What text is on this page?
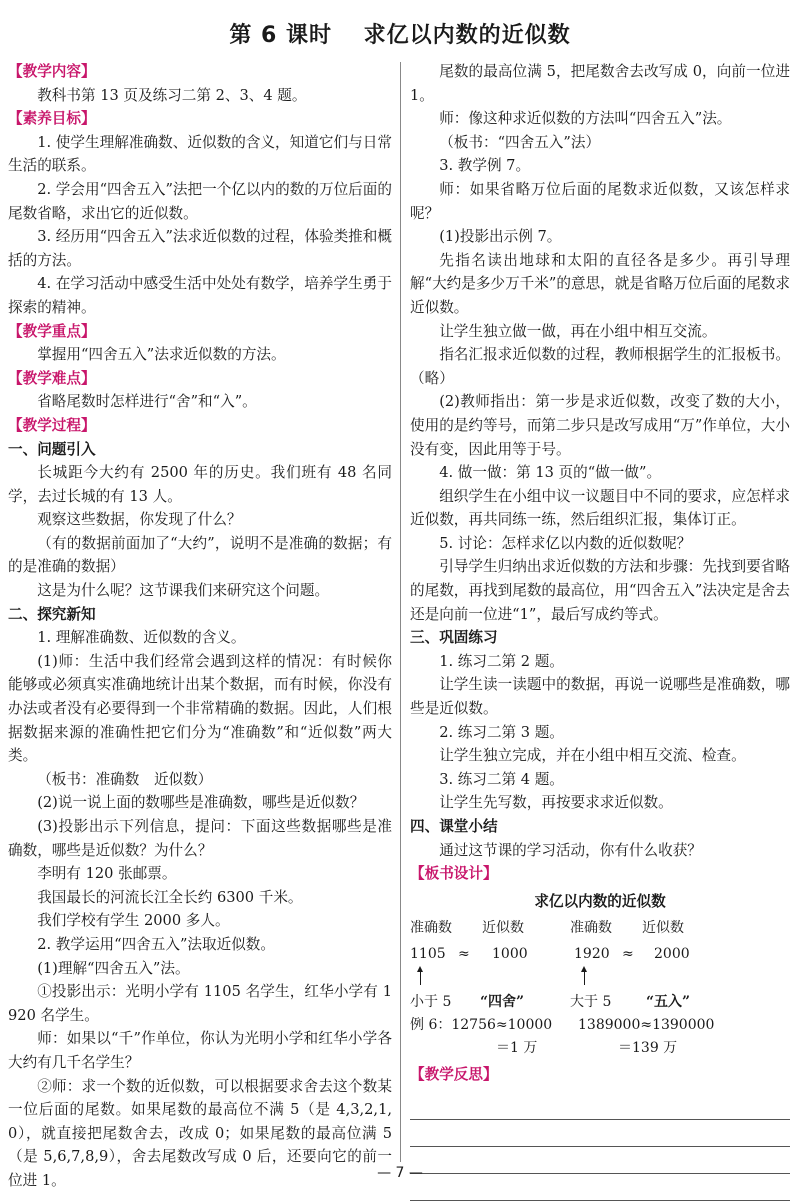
第 6 课时　 求亿以内数的近似数

【教学内容】

教科书第 13 页及练习二第 2、3、4 题。

【素养目标】

1. 使学生理解准确数、近似数的含义，知道它们与日常生活的联系。

2. 学会用“四舍五入”法把一个亿以内的数的万位后面的尾数省略，求出它的近似数。

3. 经历用“四舍五入”法求近似数的过程，体验类推和概括的方法。

4. 在学习活动中感受生活中处处有数学，培养学生勇于探索的精神。

【教学重点】

掌握用“四舍五入”法求近似数的方法。

【教学难点】

省略尾数时怎样进行“舍”和“入”。

【教学过程】

一、问题引入

长城距今大约有 2500 年的历史。我们班有 48 名同学，去过长城的有 13 人。

观察这些数据，你发现了什么？

（有的数据前面加了“大约”，说明不是准确的数据；有的是准确的数据）

这是为什么呢？这节课我们来研究这个问题。

二、探究新知

1. 理解准确数、近似数的含义。

(1)师：生活中我们经常会遇到这样的情况：有时候你能够或必须真实准确地统计出某个数据，而有时候，你没有办法或者没有必要得到一个非常精确的数据。因此，人们根据数据来源的准确性把它们分为“准确数”和“近似数”两大类。

（板书：准确数　近似数）

(2)说一说上面的数哪些是准确数，哪些是近似数？

(3)投影出示下列信息，提问：下面这些数据哪些是准确数，哪些是近似数？为什么？

李明有 120 张邮票。

我国最长的河流长江全长约 6300 千米。

我们学校有学生 2000 多人。

2. 教学运用“四舍五入”法取近似数。

(1)理解“四舍五入”法。

①投影出示：光明小学有 1105 名学生，红华小学有 1920 名学生。

师：如果以“千”作单位，你认为光明小学和红华小学各大约有几千名学生？

②师：求一个数的近似数，可以根据要求舍去这个数某一位后面的尾数。如果尾数的最高位不满 5（是 4,3,2,1,0），就直接把尾数舍去，改成 0；如果尾数的最高位满 5（是 5,6,7,8,9），舍去尾数改写成 0 后，还要向它的前一位进 1。

尾数的最高位满 5，把尾数舍去改写成 0，向前一位进 1。

师：像这种求近似数的方法叫“四舍五入”法。

（板书：“四舍五入”法）

3. 教学例 7。

师：如果省略万位后面的尾数求近似数，又该怎样求呢？

(1)投影出示例 7。

先指名读出地球和太阳的直径各是多少。再引导理解“大约是多少万千米”的意思，就是省略万位后面的尾数求近似数。

让学生独立做一做，再在小组中相互交流。

指名汇报求近似数的过程，教师根据学生的汇报板书。（略）

(2)教师指出：第一步是求近似数，改变了数的大小，使用的是约等号，而第二步只是改写成用“万”作单位，大小没有变，因此用等于号。

4. 做一做：第 13 页的“做一做”。

组织学生在小组中议一议题目中不同的要求，应怎样求近似数，再共同练一练，然后组织汇报，集体订正。

5. 讨论：怎样求亿以内数的近似数呢？

引导学生归纳出求近似数的方法和步骤：先找到要省略的尾数，再找到尾数的最高位，用“四舍五入”法决定是舍去还是向前一位进“1”，最后写成约等式。

三、巩固练习

1. 练习二第 2 题。

让学生读一读题中的数据，再说一说哪些是准确数，哪些是近似数。

2. 练习二第 3 题。

让学生独立完成，并在小组中相互交流、检查。

3. 练习二第 4 题。

让学生先写数，再按要求求近似数。

四、课堂小结

通过这节课的学习活动，你有什么收获？

【板书设计】

求亿以内数的近似数
准确数 近似数	准确数 近似数
1105 ≈ 1000	1920 ≈ 2000
小于 5 “四舍”	大于 5 “五入”
例 6：12756≈10000 1389000≈1390000
＝1 万	＝139 万

【教学反思】

— 7 —
